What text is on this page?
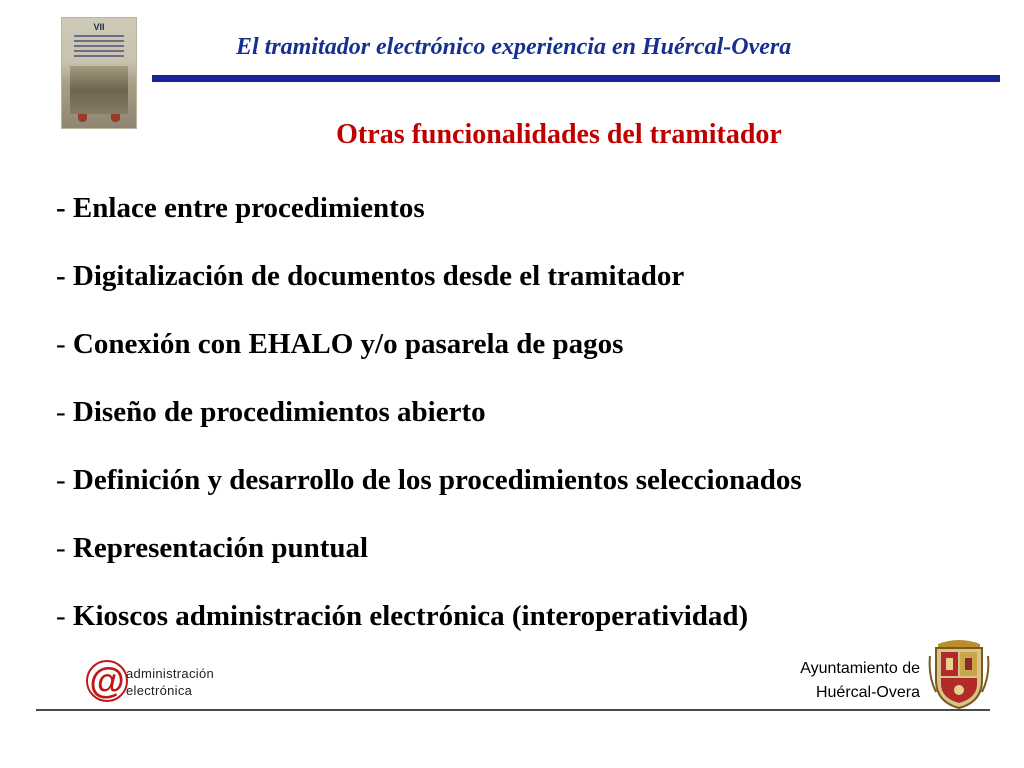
VII
El tramitador electrónico experiencia en Huércal-Overa
Otras funcionalidades del tramitador
- Enlace entre procedimientos
- Digitalización de documentos desde el tramitador
- Conexión con EHALO y/o pasarela de pagos
- Diseño de procedimientos abierto
- Definición y desarrollo de los procedimientos seleccionados
- Representación puntual
- Kioscos administración electrónica (interoperatividad)
@ administración
electrónica
Ayuntamiento de
Huércal-Overa
